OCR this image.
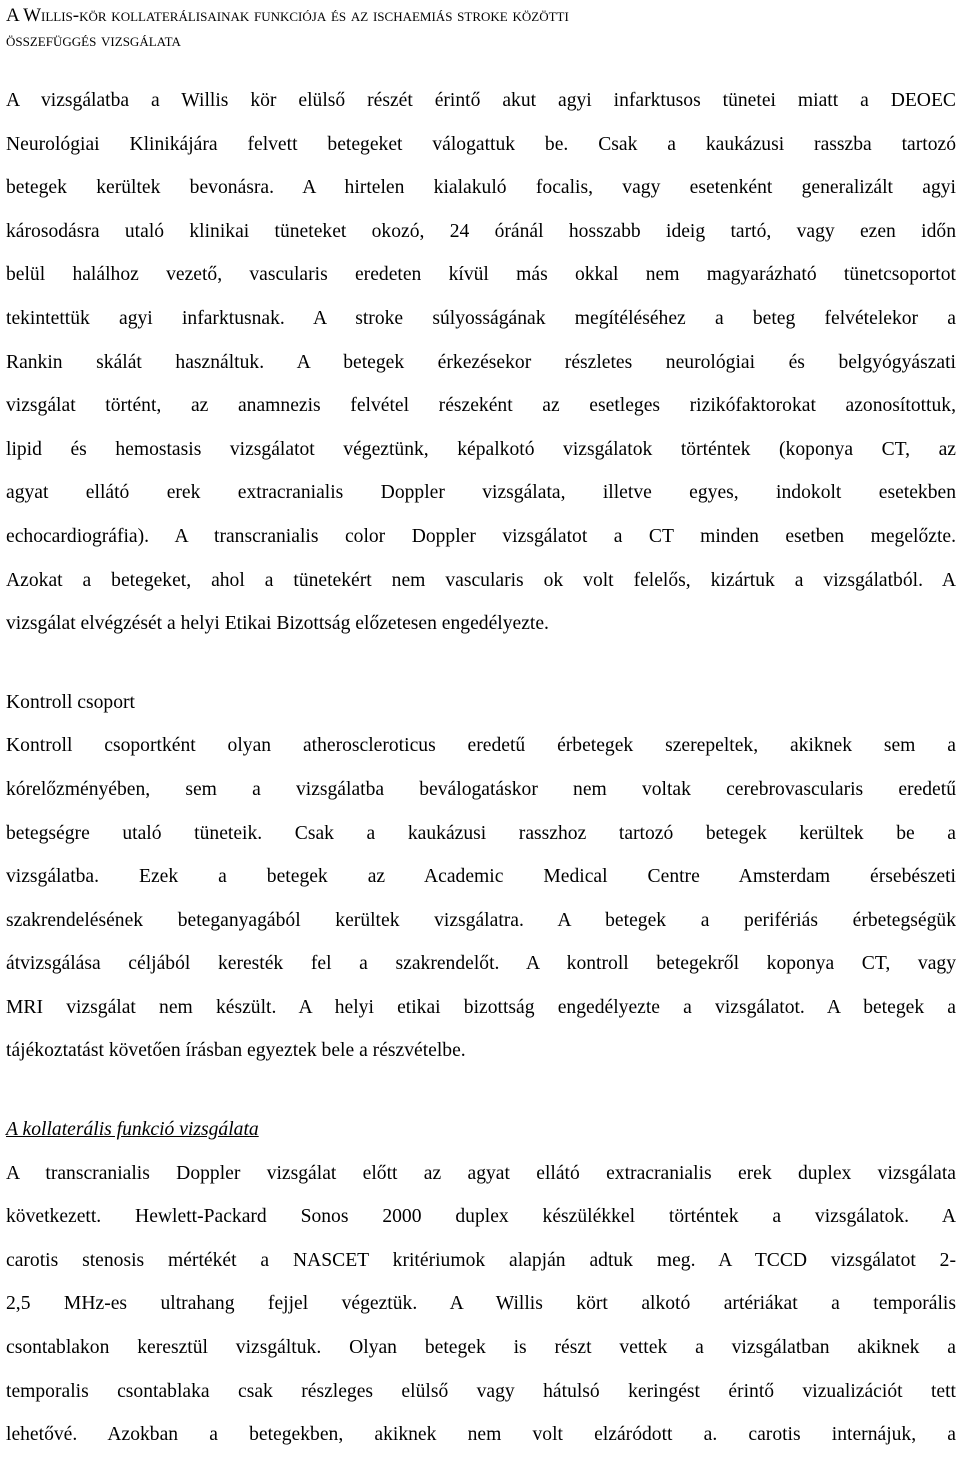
A Willis-kör kollaterálisainak funkciója és az ischaemiás stroke közötti
összefüggés vizsgálata
A vizsgálatba a Willis kör elülső részét érintő akut agyi infarktusos tünetei miatt a DEOEC
Neurológiai Klinikájára felvett betegeket válogattuk be. Csak a kaukázusi rasszba tartozó
betegek kerültek bevonásra. A hirtelen kialakuló focalis, vagy esetenként generalizált agyi
károsodásra utaló klinikai tüneteket okozó, 24 óránál hosszabb ideig tartó, vagy ezen időn
belül halálhoz vezető, vascularis eredeten kívül más okkal nem magyarázható tünetcsoportot
tekintettük agyi infarktusnak. A stroke súlyosságának megítéléséhez a beteg felvételekor a
Rankin skálát használtuk. A betegek érkezésekor részletes neurológiai és belgyógyászati
vizsgálat történt, az anamnezis felvétel részeként az esetleges rizikófaktorokat azonosítottuk,
lipid és hemostasis vizsgálatot végeztünk, képalkotó vizsgálatok történtek (koponya CT, az
agyat ellátó erek extracranialis Doppler vizsgálata, illetve egyes, indokolt esetekben
echocardiográfia). A transcranialis color Doppler vizsgálatot a CT minden esetben megelőzte.
Azokat a betegeket, ahol a tünetekért nem vascularis ok volt felelős, kizártuk a vizsgálatból. A
vizsgálat elvégzését a helyi Etikai Bizottság előzetesen engedélyezte.
Kontroll csoport
Kontroll csoportként olyan atheroscleroticus eredetű érbetegek szerepeltek, akiknek sem a
kórelőzményében, sem a vizsgálatba beválogatáskor nem voltak cerebrovascularis eredetű
betegségre utaló tüneteik. Csak a kaukázusi rasszhoz tartozó betegek kerültek be a
vizsgálatba. Ezek a betegek az Academic Medical Centre Amsterdam érsebészeti
szakrendelésének beteganyagából kerültek vizsgálatra. A betegek a perifériás érbetegségük
átvizsgálása céljából keresték fel a szakrendelőt. A kontroll betegekről koponya CT, vagy
MRI vizsgálat nem készült. A helyi etikai bizottság engedélyezte a vizsgálatot. A betegek a
tájékoztatást követően írásban egyeztek bele a részvételbe.
A kollaterális funkció vizsgálata
A transcranialis Doppler vizsgálat előtt az agyat ellátó extracranialis erek duplex vizsgálata
következett. Hewlett-Packard Sonos 2000 duplex készülékkel történtek a vizsgálatok. A
carotis stenosis mértékét a NASCET kritériumok alapján adtuk meg. A TCCD vizsgálatot 2-
2,5 MHz-es ultrahang fejjel végeztük. A Willis kört alkotó artériákat a temporális
csontablakon keresztül vizsgáltuk. Olyan betegek is részt vettek a vizsgálatban akiknek a
temporalis csontablaka csak részleges elülső vagy hátulsó keringést érintő vizualizációt tett
lehetővé. Azokban a betegekben, akiknek nem volt elzáródott a. carotis internájuk, a
